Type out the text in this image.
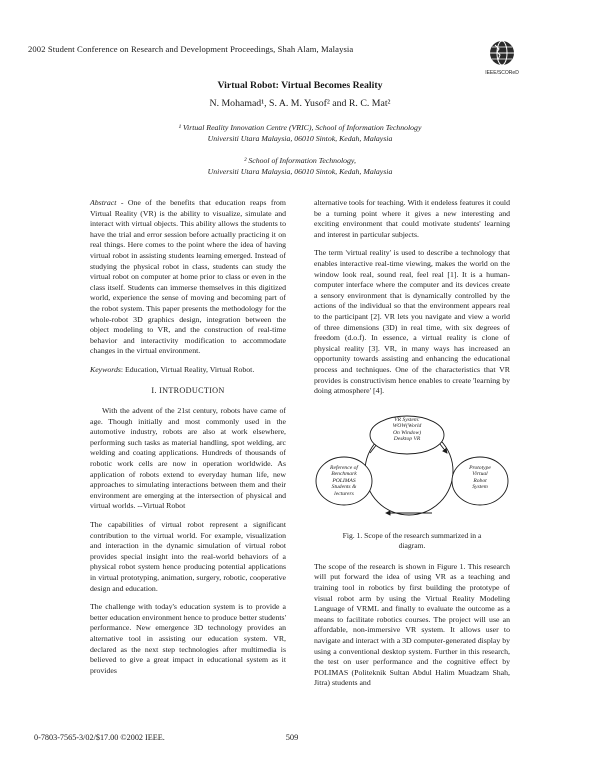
2002 Student Conference on Research and Development Proceedings, Shah Alam, Malaysia
IEEE/SCOReD
Virtual Robot: Virtual Becomes Reality
N. Mohamad¹, S. A. M. Yusof² and R. C. Mat²
¹ Virtual Reality Innovation Centre (VRIC), School of Information Technology
Universiti Utara Malaysia, 06010 Sintok, Kedah, Malaysia
² School of Information Technology,
Universiti Utara Malaysia, 06010 Sintok, Kedah, Malaysia

Abstract - One of the benefits that education reaps from Virtual Reality (VR) is the ability to visualize, simulate and interact with virtual objects. This ability allows the students to have the trial and error session before actually practicing it on real things. Here comes to the point where the idea of having virtual robot in assisting students learning emerged. Instead of studying the physical robot in class, students can study the virtual robot on computer at home prior to class or even in the class itself. Students can immerse themselves in this digitized world, experience the sense of moving and becoming part of the robot system. This paper presents the methodology for the whole-robot 3D graphics design, integration between the object modeling to VR, and the construction of real-time behavior and interactivity modification to accommodate changes in the virtual environment.

Keywords: Education, Virtual Reality, Virtual Robot.

I. INTRODUCTION

With the advent of the 21st century, robots have came of age. Though initially and most commonly used in the automotive industry, robots are also at work elsewhere, performing such tasks as material handling, spot welding, arc welding and coating applications. Hundreds of thousands of robotic work cells are now in operation worldwide. As application of robots extend to everyday human life, new approaches to simulating interactions between them and their environment are emerging at the intersection of physical and virtual worlds. --Virtual Robot

The capabilities of virtual robot represent a significant contribution to the virtual world. For example, visualization and interaction in the dynamic simulation of virtual robot provides special insight into the real-world behaviors of a physical robot system hence producing potential applications in virtual prototyping, animation, surgery, robotic, cooperative design and education.

The challenge with today's education system is to provide a better education environment hence to produce better students' performance. New emergence 3D technology provides an alternative tool in assisting our education system. VR, declared as the next step technologies after multimedia is believed to give a great impact in educational system as it provides

alternative tools for teaching. With it endeless features it could be a turning point where it gives a new interesting and exciting environment that could motivate students' learning and interest in particular subjects.

The term 'virtual reality' is used to describe a technology that enables interactive real-time viewing, makes the world on the window look real, sound real, feel real [1]. It is a human-computer interface where the computer and its devices create a sensory environment that is dynamically controlled by the actions of the individual so that the environment appears real to the participant [2]. VR lets you navigate and view a world of three dimensions (3D) in real time, with six degrees of freedom (d.o.f). In essence, a virtual reality is clone of physical reality [3]. VR, in many ways has increased an opportunity towards assisting and enhancing the educational process and techniques. One of the characteristics that VR provides is constructivism hence enables to create 'learning by doing atmosphere' [4].

VR System:
WOW(World
On Window)
Desktop VR
Reference of
Benchmark
POLIMAS
Students &
lecturers
Prototype
Virtual
Robot
System
Fig. 1. Scope of the research summarized in a
diagram.

The scope of the research is shown in Figure 1. This research will put forward the idea of using VR as a teaching and training tool in robotics by first building the prototype of visual robot arm by using the Virtual Reality Modeling Language of VRML and finally to evaluate the outcome as a means to facilitate robotics courses. The project will use an affordable, non-immersive VR system. It allows user to navigate and interact with a 3D computer-generated display by using a conventional desktop system. Further in this research, the test on user performance and the cognitive effect by POLIMAS (Politeknik Sultan Abdul Halim Muadzam Shah, Jitra) students and

0-7803-7565-3/02/$17.00 ©2002 IEEE.	509
